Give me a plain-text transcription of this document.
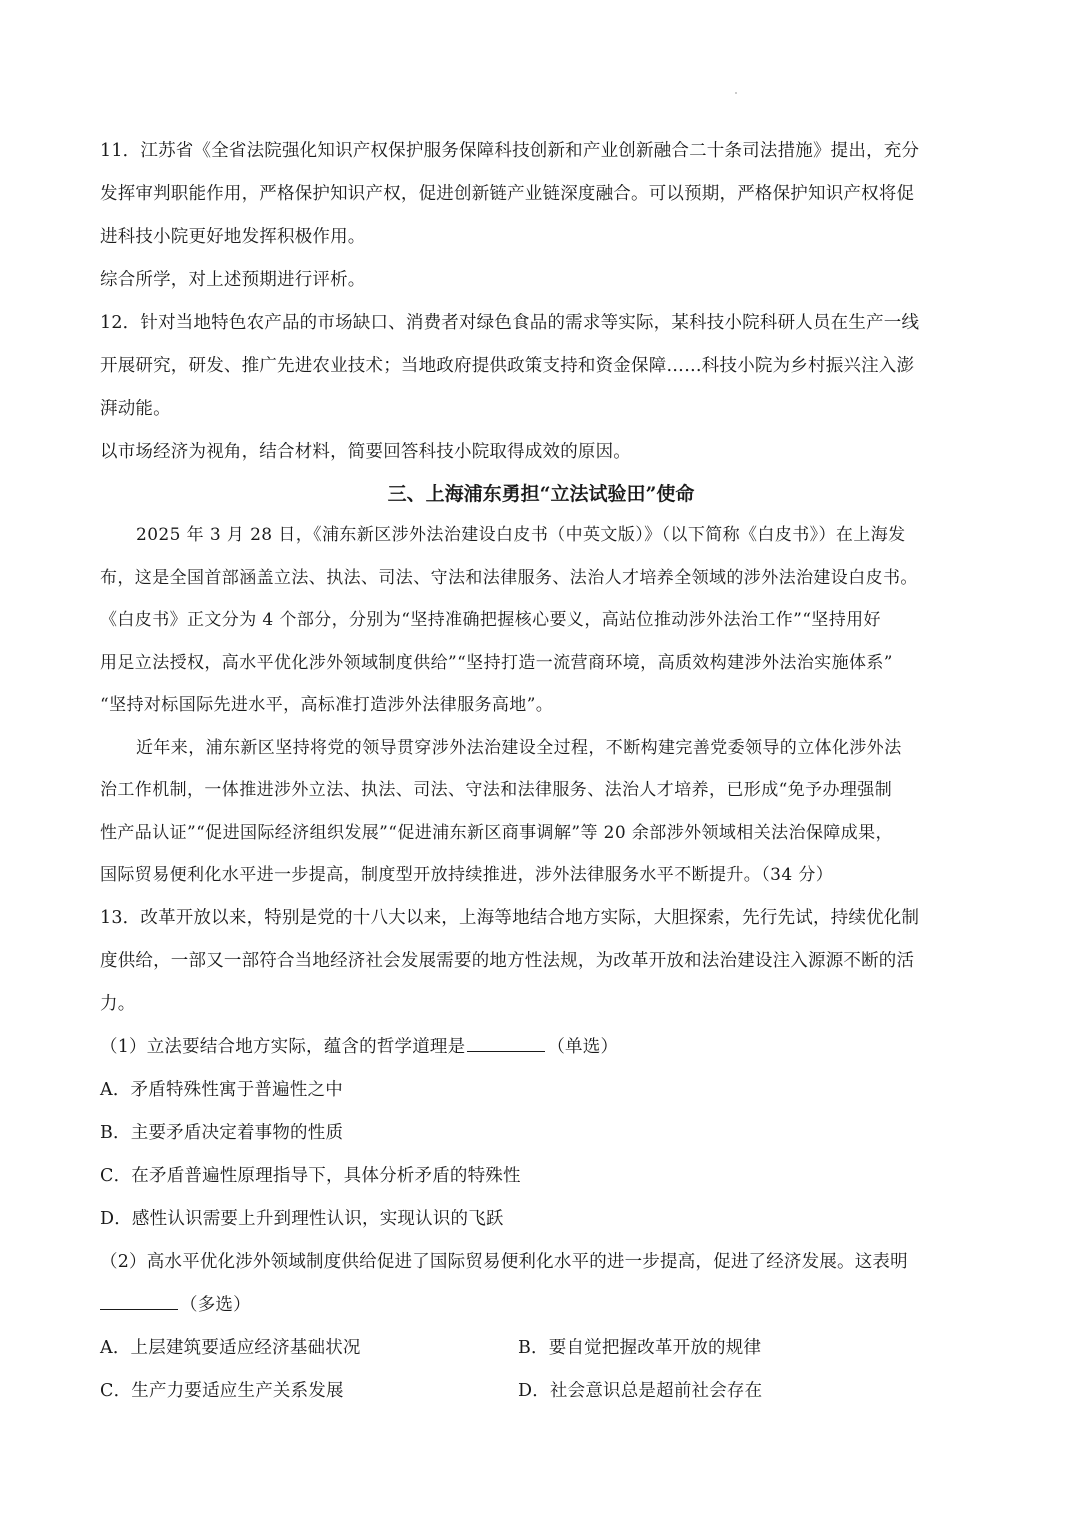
11．江苏省《全省法院强化知识产权保护服务保障科技创新和产业创新融合二十条司法措施》提出，充分
发挥审判职能作用，严格保护知识产权，促进创新链产业链深度融合。可以预期，严格保护知识产权将促
进科技小院更好地发挥积极作用。
综合所学，对上述预期进行评析。
12．针对当地特色农产品的市场缺口、消费者对绿色食品的需求等实际，某科技小院科研人员在生产一线
开展研究，研发、推广先进农业技术；当地政府提供政策支持和资金保障……科技小院为乡村振兴注入澎
湃动能。
以市场经济为视角，结合材料，简要回答科技小院取得成效的原因。
三、上海浦东勇担“立法试验田”使命
2025 年 3 月 28 日，《浦东新区涉外法治建设白皮书（中英文版）》（以下简称《白皮书》）在上海发
布，这是全国首部涵盖立法、执法、司法、守法和法律服务、法治人才培养全领域的涉外法治建设白皮书。
《白皮书》正文分为 4 个部分，分别为“坚持准确把握核心要义，高站位推动涉外法治工作”“坚持用好
用足立法授权，高水平优化涉外领域制度供给”“坚持打造一流营商环境，高质效构建涉外法治实施体系”
“坚持对标国际先进水平，高标准打造涉外法律服务高地”。
近年来，浦东新区坚持将党的领导贯穿涉外法治建设全过程，不断构建完善党委领导的立体化涉外法
治工作机制，一体推进涉外立法、执法、司法、守法和法律服务、法治人才培养，已形成“免予办理强制
性产品认证”“促进国际经济组织发展”“促进浦东新区商事调解”等 20 余部涉外领域相关法治保障成果，
国际贸易便利化水平进一步提高，制度型开放持续推进，涉外法律服务水平不断提升。（34 分）
13．改革开放以来，特别是党的十八大以来，上海等地结合地方实际，大胆探索，先行先试，持续优化制
度供给，一部又一部符合当地经济社会发展需要的地方性法规，为改革开放和法治建设注入源源不断的活
力。
（1）立法要结合地方实际，蕴含的哲学道理是	（单选）
A．矛盾特殊性寓于普遍性之中
B．主要矛盾决定着事物的性质
C．在矛盾普遍性原理指导下，具体分析矛盾的特殊性
D．感性认识需要上升到理性认识，实现认识的飞跃
（2）高水平优化涉外领域制度供给促进了国际贸易便利化水平的进一步提高，促进了经济发展。这表明
（多选）
A．上层建筑要适应经济基础状况	B．要自觉把握改革开放的规律
C．生产力要适应生产关系发展	D．社会意识总是超前社会存在
